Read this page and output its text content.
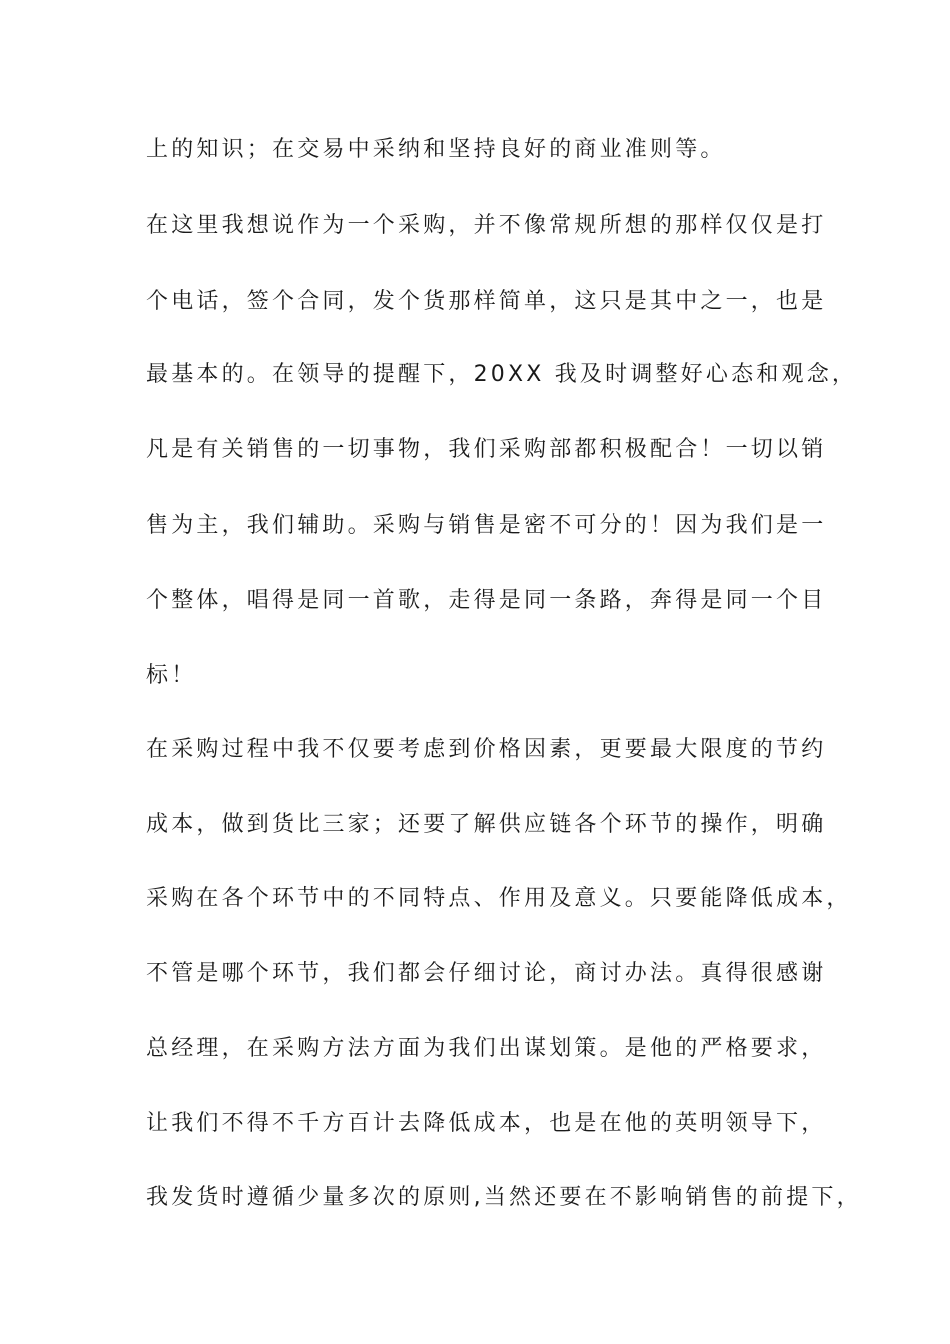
上的知识；在交易中采纳和坚持良好的商业准则等。
在这里我想说作为一个采购，并不像常规所想的那样仅仅是打
个电话，签个合同，发个货那样简单，这只是其中之一，也是
最基本的。在领导的提醒下，20XX 我及时调整好心态和观念，
凡是有关销售的一切事物，我们采购部都积极配合！一切以销
售为主，我们辅助。采购与销售是密不可分的！因为我们是一
个整体，唱得是同一首歌，走得是同一条路，奔得是同一个目
标！
在采购过程中我不仅要考虑到价格因素，更要最大限度的节约
成本，做到货比三家；还要了解供应链各个环节的操作，明确
采购在各个环节中的不同特点、作用及意义。只要能降低成本，
不管是哪个环节，我们都会仔细讨论，商讨办法。真得很感谢
总经理，在采购方法方面为我们出谋划策。是他的严格要求，
让我们不得不千方百计去降低成本，也是在他的英明领导下，
我发货时遵循少量多次的原则,当然还要在不影响销售的前提下，
